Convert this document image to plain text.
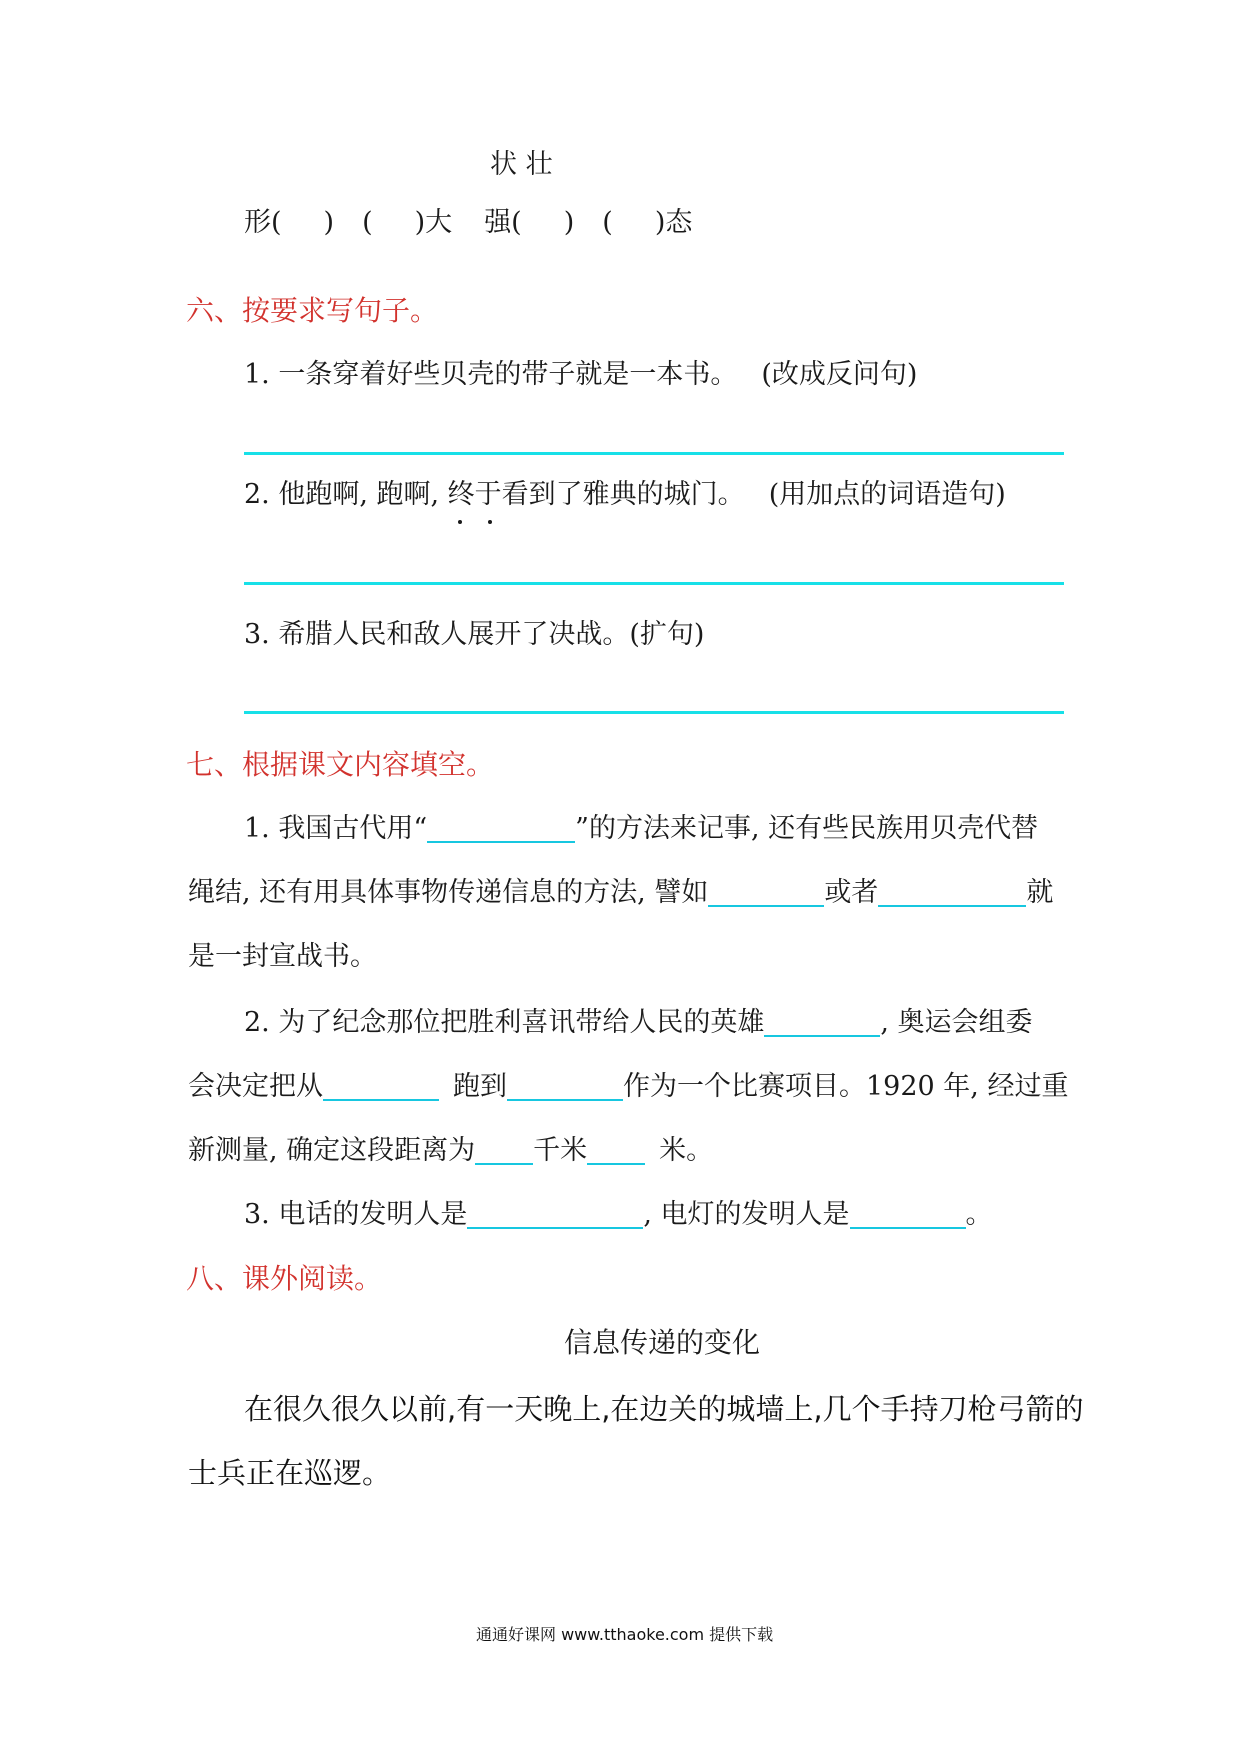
状 壮
形( ) ( )大 强( ) ( )态
六、按要求写句子。
1. 一条穿着好些贝壳的带子就是一本书。 (改成反问句)
2. 他跑啊, 跑啊, 终于看到了雅典的城门。 (用加点的词语造句)
3. 希腊人民和敌人展开了决战。(扩句)
七、根据课文内容填空。
1. 我国古代用“	”的方法来记事, 还有些民族用贝壳代替
绳结, 还有用具体事物传递信息的方法, 譬如	或者	就
是一封宣战书。
2. 为了纪念那位把胜利喜讯带给人民的英雄	, 奥运会组委
会决定把从	跑到	作为一个比赛项目。1920 年, 经过重
新测量, 确定这段距离为 千米	米。
3. 电话的发明人是	, 电灯的发明人是	。
八、课外阅读。
信息传递的变化
在很久很久以前,有一天晚上,在边关的城墙上,几个手持刀枪弓箭的
士兵正在巡逻。
通通好课网 www.tthaoke.com 提供下载
